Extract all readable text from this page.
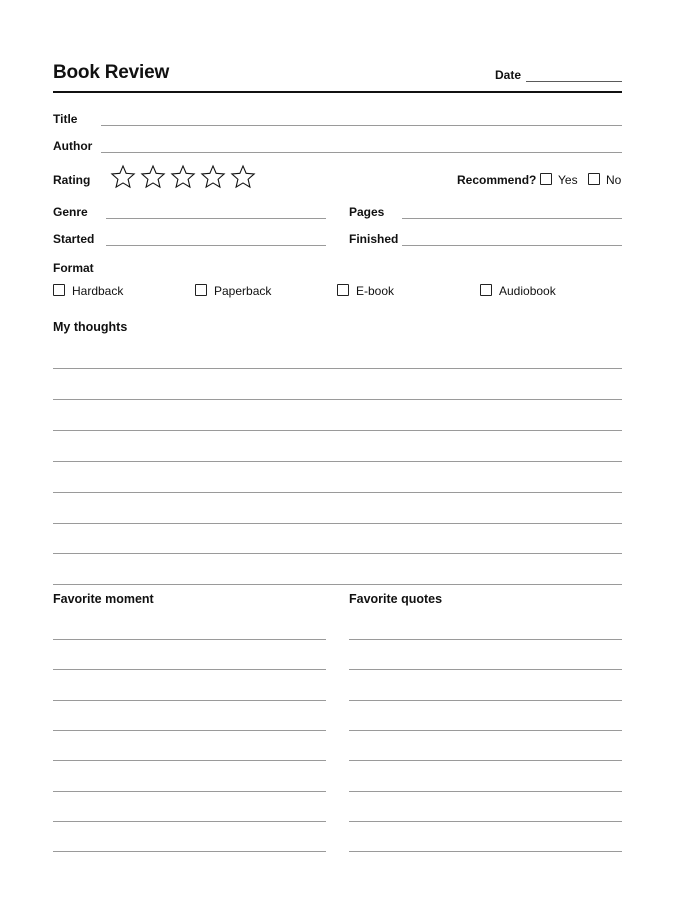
Book Review	Date
Title
Author
Rating	Recommend? Yes No
Genre	Pages
Started	Finished
Format
Hardback	Paperback	E-book	Audiobook
My thoughts
Favorite moment	Favorite quotes
